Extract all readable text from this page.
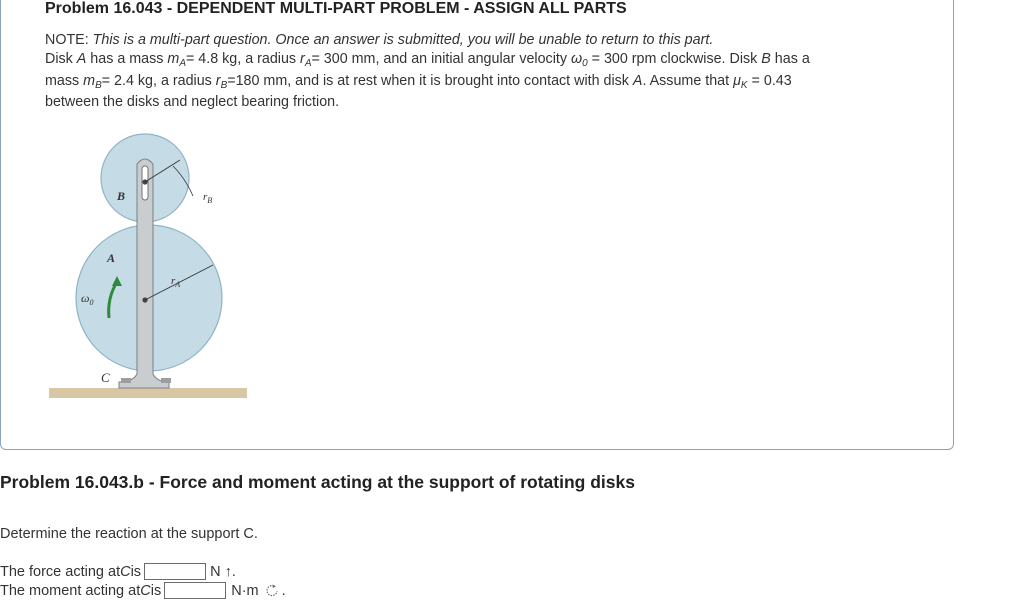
Problem 16.043 - DEPENDENT MULTI-PART PROBLEM - ASSIGN ALL PARTS
NOTE: This is a multi-part question. Once an answer is submitted, you will be unable to return to this part.
Disk A has a mass $m_A= 4.8$ kg, a radius $r_A= 300$ mm, and an initial angular velocity $\omega_0 = 300$ rpm clockwise. Disk B has a
mass $m_B= 2.4$ kg, a radius $r_B=180$ mm, and is at rest when it is brought into contact with disk A. Assume that $\mu_K = 0.43$
between the disks and neglect bearing friction.
B
A
C
$r_B$
$r_A$
$\omega_0$
Problem 16.043.b - Force and moment acting at the support of rotating disks
Determine the reaction at the support C.
The force acting at C is	N ↑.
The moment acting at C is	N·m .
